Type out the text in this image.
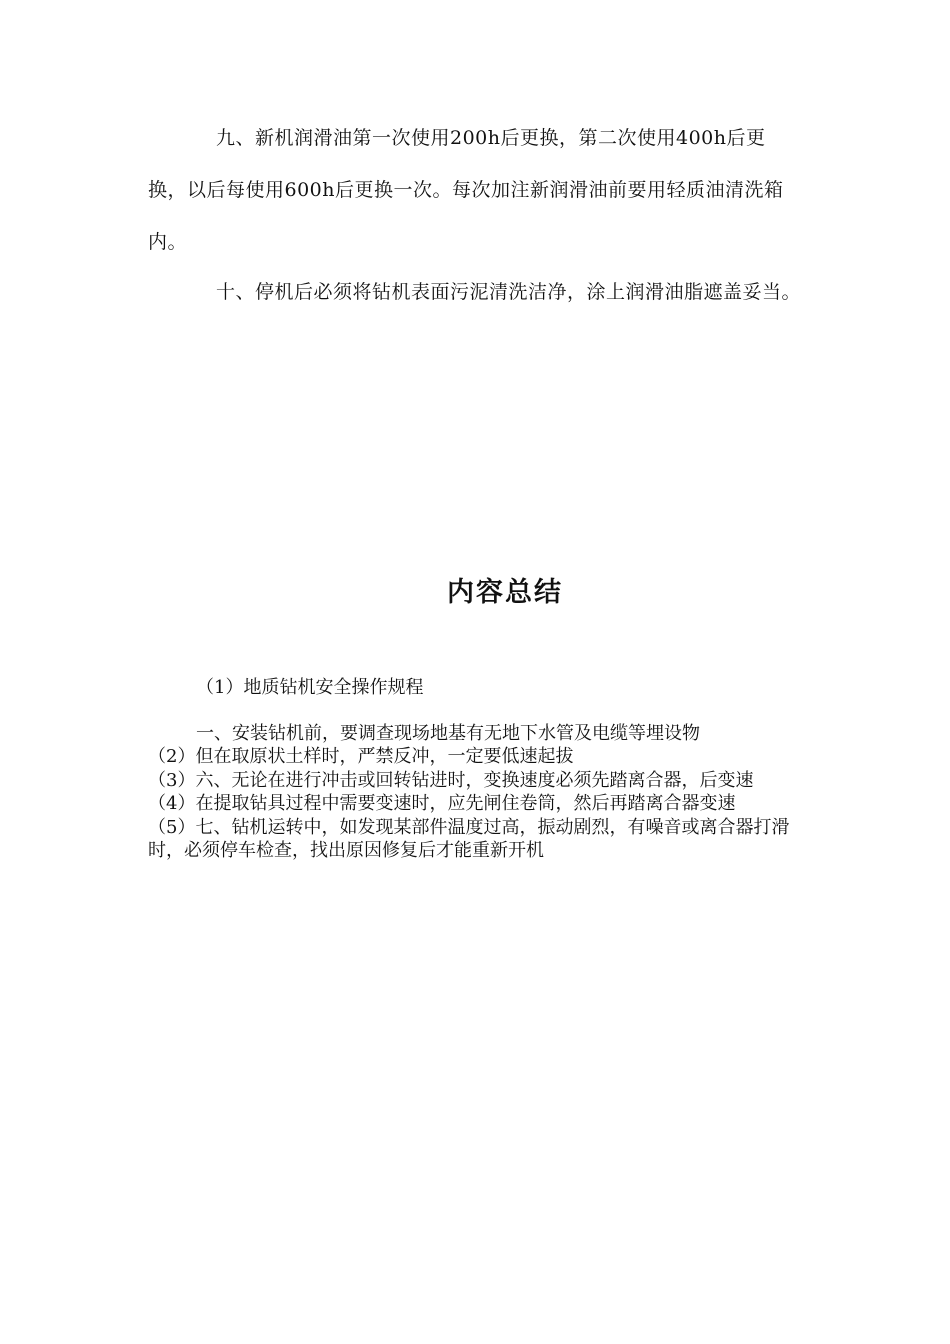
九、新机润滑油第一次使用200h后更换，第二次使用400h后更换，以后每使用600h后更换一次。每次加注新润滑油前要用轻质油清洗箱内。

十、停机后必须将钻机表面污泥清洗洁净，涂上润滑油脂遮盖妥当。

内容总结

（1）地质钻机安全操作规程

一、安装钻机前，要调查现场地基有无地下水管及电缆等埋设物

（2）但在取原状土样时，严禁反冲，一定要低速起拔

（3）六、无论在进行冲击或回转钻进时，变换速度必须先踏离合器，后变速

（4）在提取钻具过程中需要变速时，应先闸住卷筒，然后再踏离合器变速

（5）七、钻机运转中，如发现某部件温度过高，振动剧烈，有噪音或离合器打滑时，必须停车检查，找出原因修复后才能重新开机
